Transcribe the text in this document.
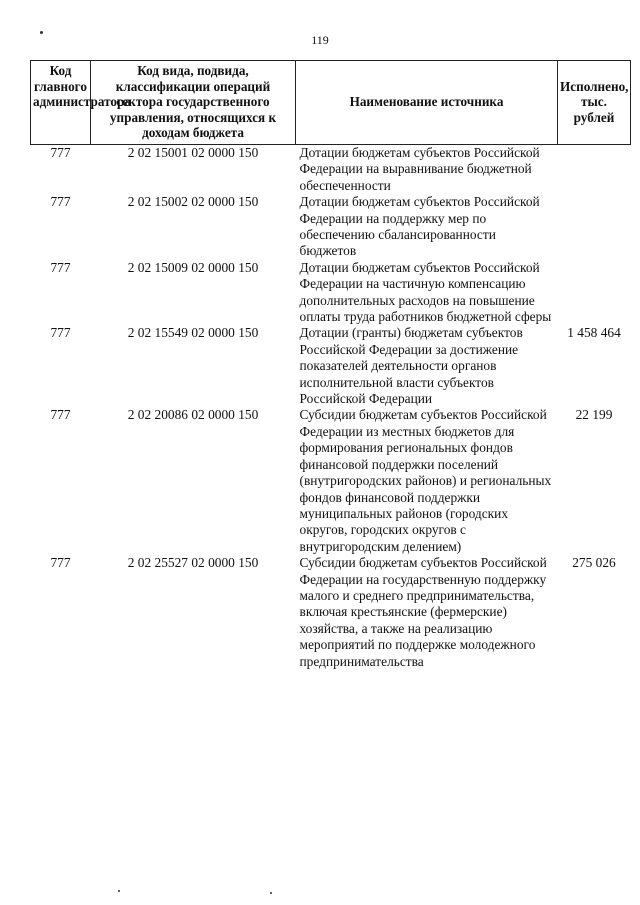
119
Код главного администратора	Код вида, подвида, классификации операций сектора государственного управления, относящихся к доходам бюджета	Наименование источника	Исполнено, тыс. рублей
777	2 02 15001 02 0000 150	Дотации бюджетам субъектов Российской Федерации на выравнивание бюджетной обеспеченности	
777	2 02 15002 02 0000 150	Дотации бюджетам субъектов Российской Федерации на поддержку мер по обеспечению сбалансированности бюджетов	
777	2 02 15009 02 0000 150	Дотации бюджетам субъектов Российской Федерации на частичную компенсацию дополнительных расходов на повышение оплаты труда работников бюджетной сферы	
777	2 02 15549 02 0000 150	Дотации (гранты) бюджетам субъектов Российской Федерации за достижение показателей деятельности органов исполнительной власти субъектов Российской Федерации	1 458 464
777	2 02 20086 02 0000 150	Субсидии бюджетам субъектов Российской Федерации из местных бюджетов для формирования региональных фондов финансовой поддержки поселений (внутригородских районов) и региональных фондов финансовой поддержки муниципальных районов (городских округов, городских округов с внутригородским делением)	22 199
777	2 02 25527 02 0000 150	Субсидии бюджетам субъектов Российской Федерации на государственную поддержку малого и среднего предпринимательства, включая крестьянские (фермерские) хозяйства, а также на реализацию мероприятий по поддержке молодежного предпринимательства	275 026
